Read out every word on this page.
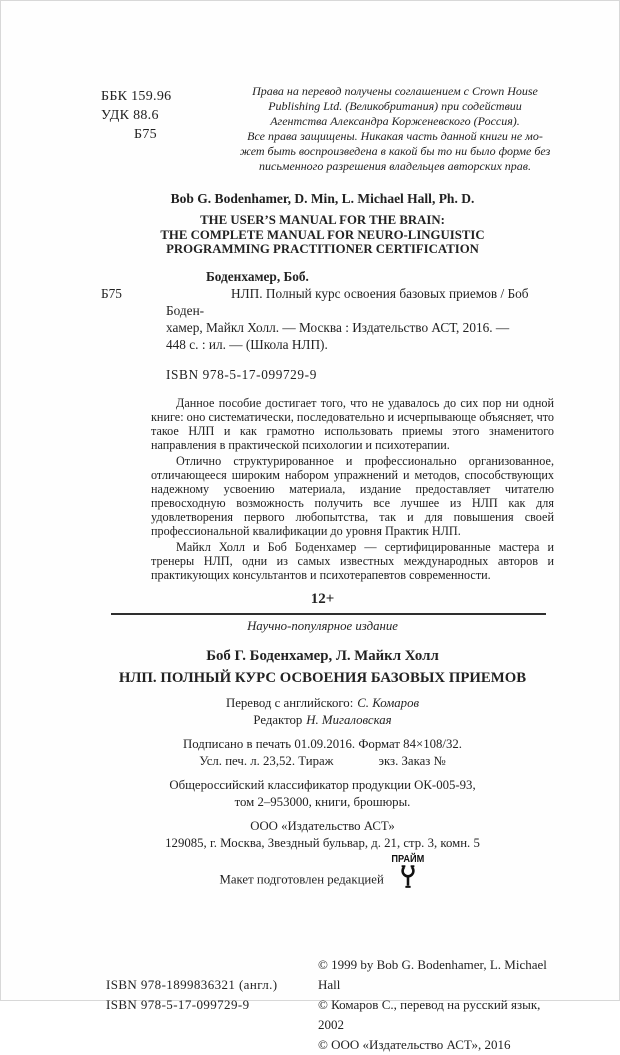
ББК 159.96
УДК 88.6
Б75
Права на перевод получены соглашением с Crown House
Publishing Ltd. (Великобритания) при содействии
Агентства Александра Корженевского (Россия).
Все права защищены. Никакая часть данной книги не мо-
жет быть воспроизведена в какой бы то ни было форме без
письменного разрешения владельцев авторских прав.
Bob G. Bodenhamer, D. Min, L. Michael Hall, Ph. D.
THE USER’S MANUAL FOR THE BRAIN:
THE COMPLETE MANUAL FOR NEURO-LINGUISTIC
PROGRAMMING PRACTITIONER CERTIFICATION
Боденхамер, Боб.
Б75	НЛП. Полный курс освоения базовых приемов / Боб Боден-
хамер, Майкл Холл. — Москва : Издательство АСТ, 2016. —
448 с. : ил. — (Школа НЛП).
ISBN 978-5-17-099729-9

Данное пособие достигает того, что не удавалось до сих пор ни одной книге: оно систематически, последовательно и исчерпывающе объясняет, что такое НЛП и как грамотно использовать приемы этого знаменитого направления в практической психологии и психотерапии.

Отлично структурированное и профессионально организованное, отличающееся широким набором упражнений и методов, способствующих надежному усвоению материала, издание предоставляет читателю превосходную возможность получить все лучшее из НЛП как для удовлетворения первого любопытства, так и для повышения своей профессиональной квалификации до уровня Практик НЛП.

Майкл Холл и Боб Боденхамер — сертифицированные мастера и тренеры НЛП, одни из самых известных международных авторов и практикующих консультантов и психотерапевтов современности.

12+
Научно-популярное издание
Боб Г. Боденхамер, Л. Майкл Холл
НЛП. ПОЛНЫЙ КУРС ОСВОЕНИЯ БАЗОВЫХ ПРИЕМОВ
Перевод с английского: С. Комаров
Редактор Н. Мигаловская
Подписано в печать 01.09.2016. Формат 84×108/32.
Усл. печ. л. 23,52. Тираж	экз. Заказ №
Общероссийский классификатор продукции ОК-005-93,
том 2–953000, книги, брошюры.
ООО «Издательство АСТ»
129085, г. Москва, Звездный бульвар, д. 21, стр. 3, комн. 5
Макет подготовлен редакцией
ПРАЙМ
ISBN 978-1899836321 (англ.)
ISBN 978-5-17-099729-9
© 1999 by Bob G. Bodenhamer, L. Michael Hall
© Комаров С., перевод на русский язык, 2002
© ООО «Издательство АСТ», 2016
